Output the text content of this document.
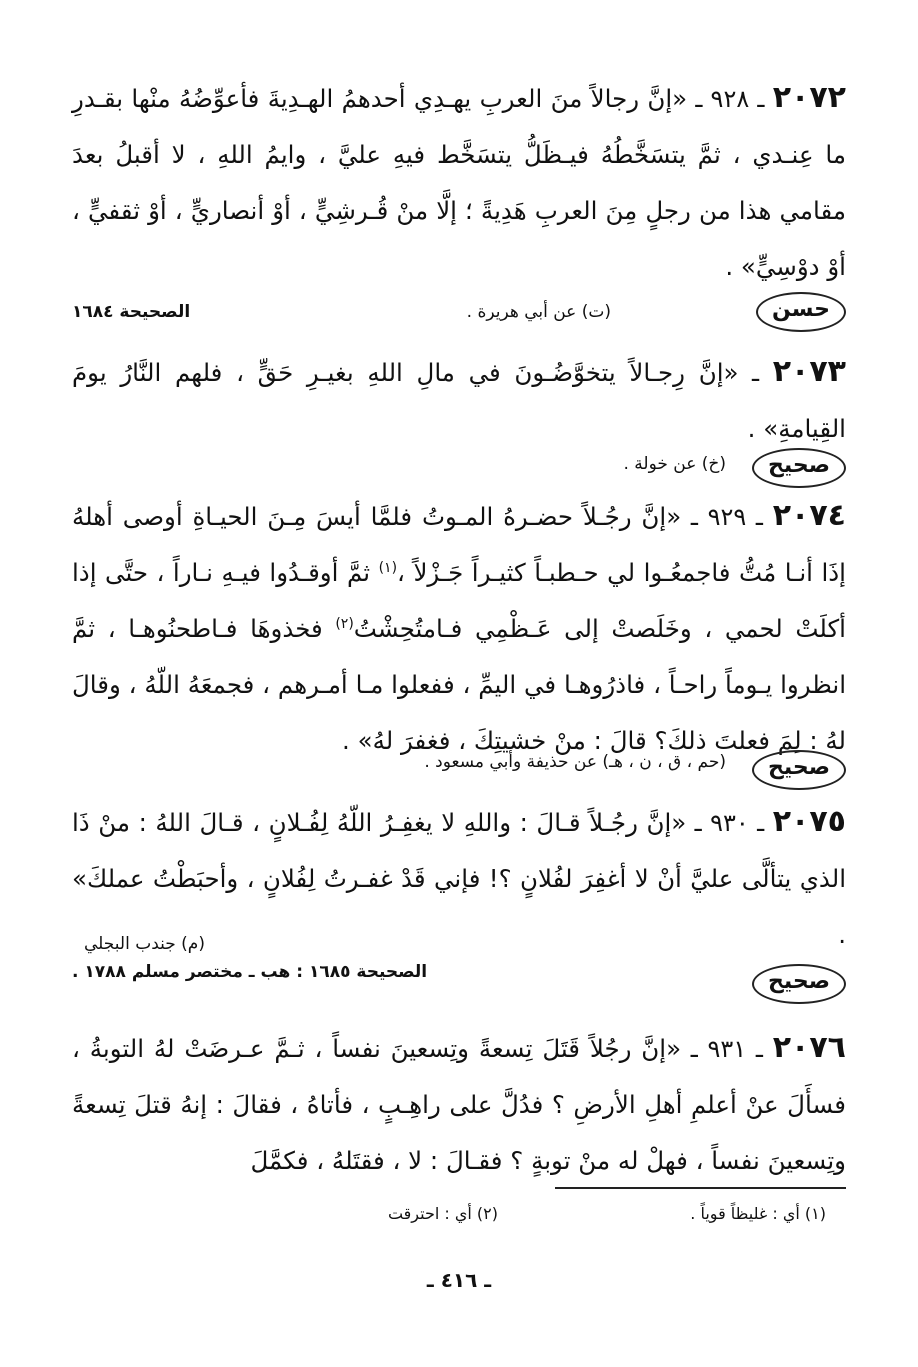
٢٠٧٢ ـ ٩٢٨ ـ «إنَّ رجالاً منَ العربِ يهـدِي أحدهمُ الهـدِيةَ فأعوِّضُهُ منْها بقـدرِ ما عِنـدي ، ثمَّ يتسَخَّطُهُ فيـظَلُّ يتسَخَّط فيهِ عليَّ ، وايمُ اللهِ ، لا أقبلُ بعدَ مقامي هذا من رجلٍ مِنَ العربِ هَدِيةً ؛ إلَّا منْ قُـرشِيٍّ ، أوْ أنصاريٍّ ، أوْ ثقفيٍّ ، أوْ دوْسِيٍّ» .

حسن
(ت) عن أبي هريرة .
الصحيحة ١٦٨٤

٢٠٧٣ ـ «إنَّ رِجـالاً يتخوَّضُـونَ في مالِ اللهِ بغيـرِ حَقٍّ ، فلهم النَّارُ يومَ القِيامةِ» .

صحيح
(خ) عن خولة .

٢٠٧٤ ـ ٩٢٩ ـ «إنَّ رجُـلاً حضـرهُ المـوتُ فلمَّا أيسَ مِـنَ الحيـاةِ أوصى أهلهُ إذَا أنـا مُتُّ فاجمعُـوا لي حـطبـاً كثيـراً جَـزْلاً ،$^{(١)}$ ثمَّ أوقـدُوا فيـهِ نـاراً ، حتَّى إذا أكلَتْ لحمي ، وخَلَصتْ إلى عَـظْمِي فـامتُحِشْتُ$^{(٢)}$ فخذوهَا فـاطحنُوهـا ، ثمَّ انظروا يـوماً راحـاً ، فاذرُوهـا في اليمِّ ، ففعلوا مـا أمـرهم ، فجمعَهُ اللّهُ ، وقالَ لهُ : لِمَ فعلتَ ذلكَ؟ قالَ : منْ خشيتِكَ ، فغفرَ لهُ» .

صحيح
(حم ، ق ، ن ، هـ) عن حذيفة وأبي مسعود .

٢٠٧٥ ـ ٩٣٠ ـ «إنَّ رجُـلاً قـالَ : واللهِ لا يغفِـرُ اللّهُ لِفُـلانٍ ، قـالَ اللهُ : منْ ذَا الذي يتألَّى عليَّ أنْ لا أغفِرَ لفُلانٍ ؟! فإني قَدْ غفـرتُ لِفُلانٍ ، وأحبَطْتُ عملكَ» .

(م) جندب البجلي
صحيح
الصحيحة ١٦٨٥ : هب ـ مختصر مسلم ١٧٨٨ .

٢٠٧٦ ـ ٩٣١ ـ «إنَّ رجُلاً قَتَلَ تِسعةً وتِسعينَ نفساً ، ثـمَّ عـرضَتْ لهُ التوبةُ ، فسأَلَ عنْ أعلمِ أهلِ الأرضِ ؟ فدُلَّ على راهِـبٍ ، فأتاهُ ، فقالَ : إنهُ قتلَ تِسعةً وتِسعينَ نفساً ، فهلْ له منْ توبةٍ ؟ فقـالَ : لا ، فقتَلهُ ، فكمَّلَ

(١) أي : غليظاً قوياً .
(٢) أي : احترقت
ـ ٤١٦ ـ
